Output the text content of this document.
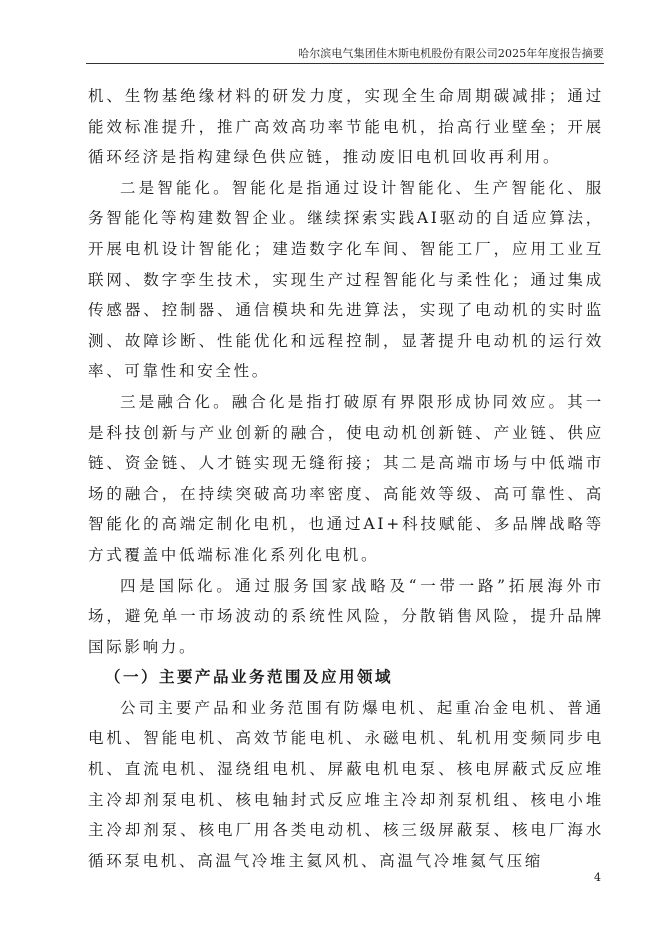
哈尔滨电气集团佳木斯电机股份有限公司2025年年度报告摘要

机、生物基绝缘材料的研发力度，实现全生命周期碳减排；通过能效标准提升，推广高效高功率节能电机，抬高行业壁垒；开展循环经济是指构建绿色供应链，推动废旧电机回收再利用。

二是智能化。智能化是指通过设计智能化、生产智能化、服务智能化等构建数智企业。继续探索实践AI驱动的自适应算法，开展电机设计智能化；建造数字化车间、智能工厂，应用工业互联网、数字孪生技术，实现生产过程智能化与柔性化；通过集成传感器、控制器、通信模块和先进算法，实现了电动机的实时监测、故障诊断、性能优化和远程控制，显著提升电动机的运行效率、可靠性和安全性。

三是融合化。融合化是指打破原有界限形成协同效应。其一是科技创新与产业创新的融合，使电动机创新链、产业链、供应链、资金链、人才链实现无缝衔接；其二是高端市场与中低端市场的融合，在持续突破高功率密度、高能效等级、高可靠性、高智能化的高端定制化电机，也通过AI+科技赋能、多品牌战略等方式覆盖中低端标准化系列化电机。

四是国际化。通过服务国家战略及“一带一路”拓展海外市场，避免单一市场波动的系统性风险，分散销售风险，提升品牌国际影响力。

（一）主要产品业务范围及应用领域

公司主要产品和业务范围有防爆电机、起重冶金电机、普通电机、智能电机、高效节能电机、永磁电机、轧机用变频同步电机、直流电机、湿绕组电机、屏蔽电机电泵、核电屏蔽式反应堆主冷却剂泵电机、核电轴封式反应堆主冷却剂泵机组、核电小堆主冷却剂泵、核电厂用各类电动机、核三级屏蔽泵、核电厂海水循环泵电机、高温气冷堆主氦风机、高温气冷堆氦气压缩

4
